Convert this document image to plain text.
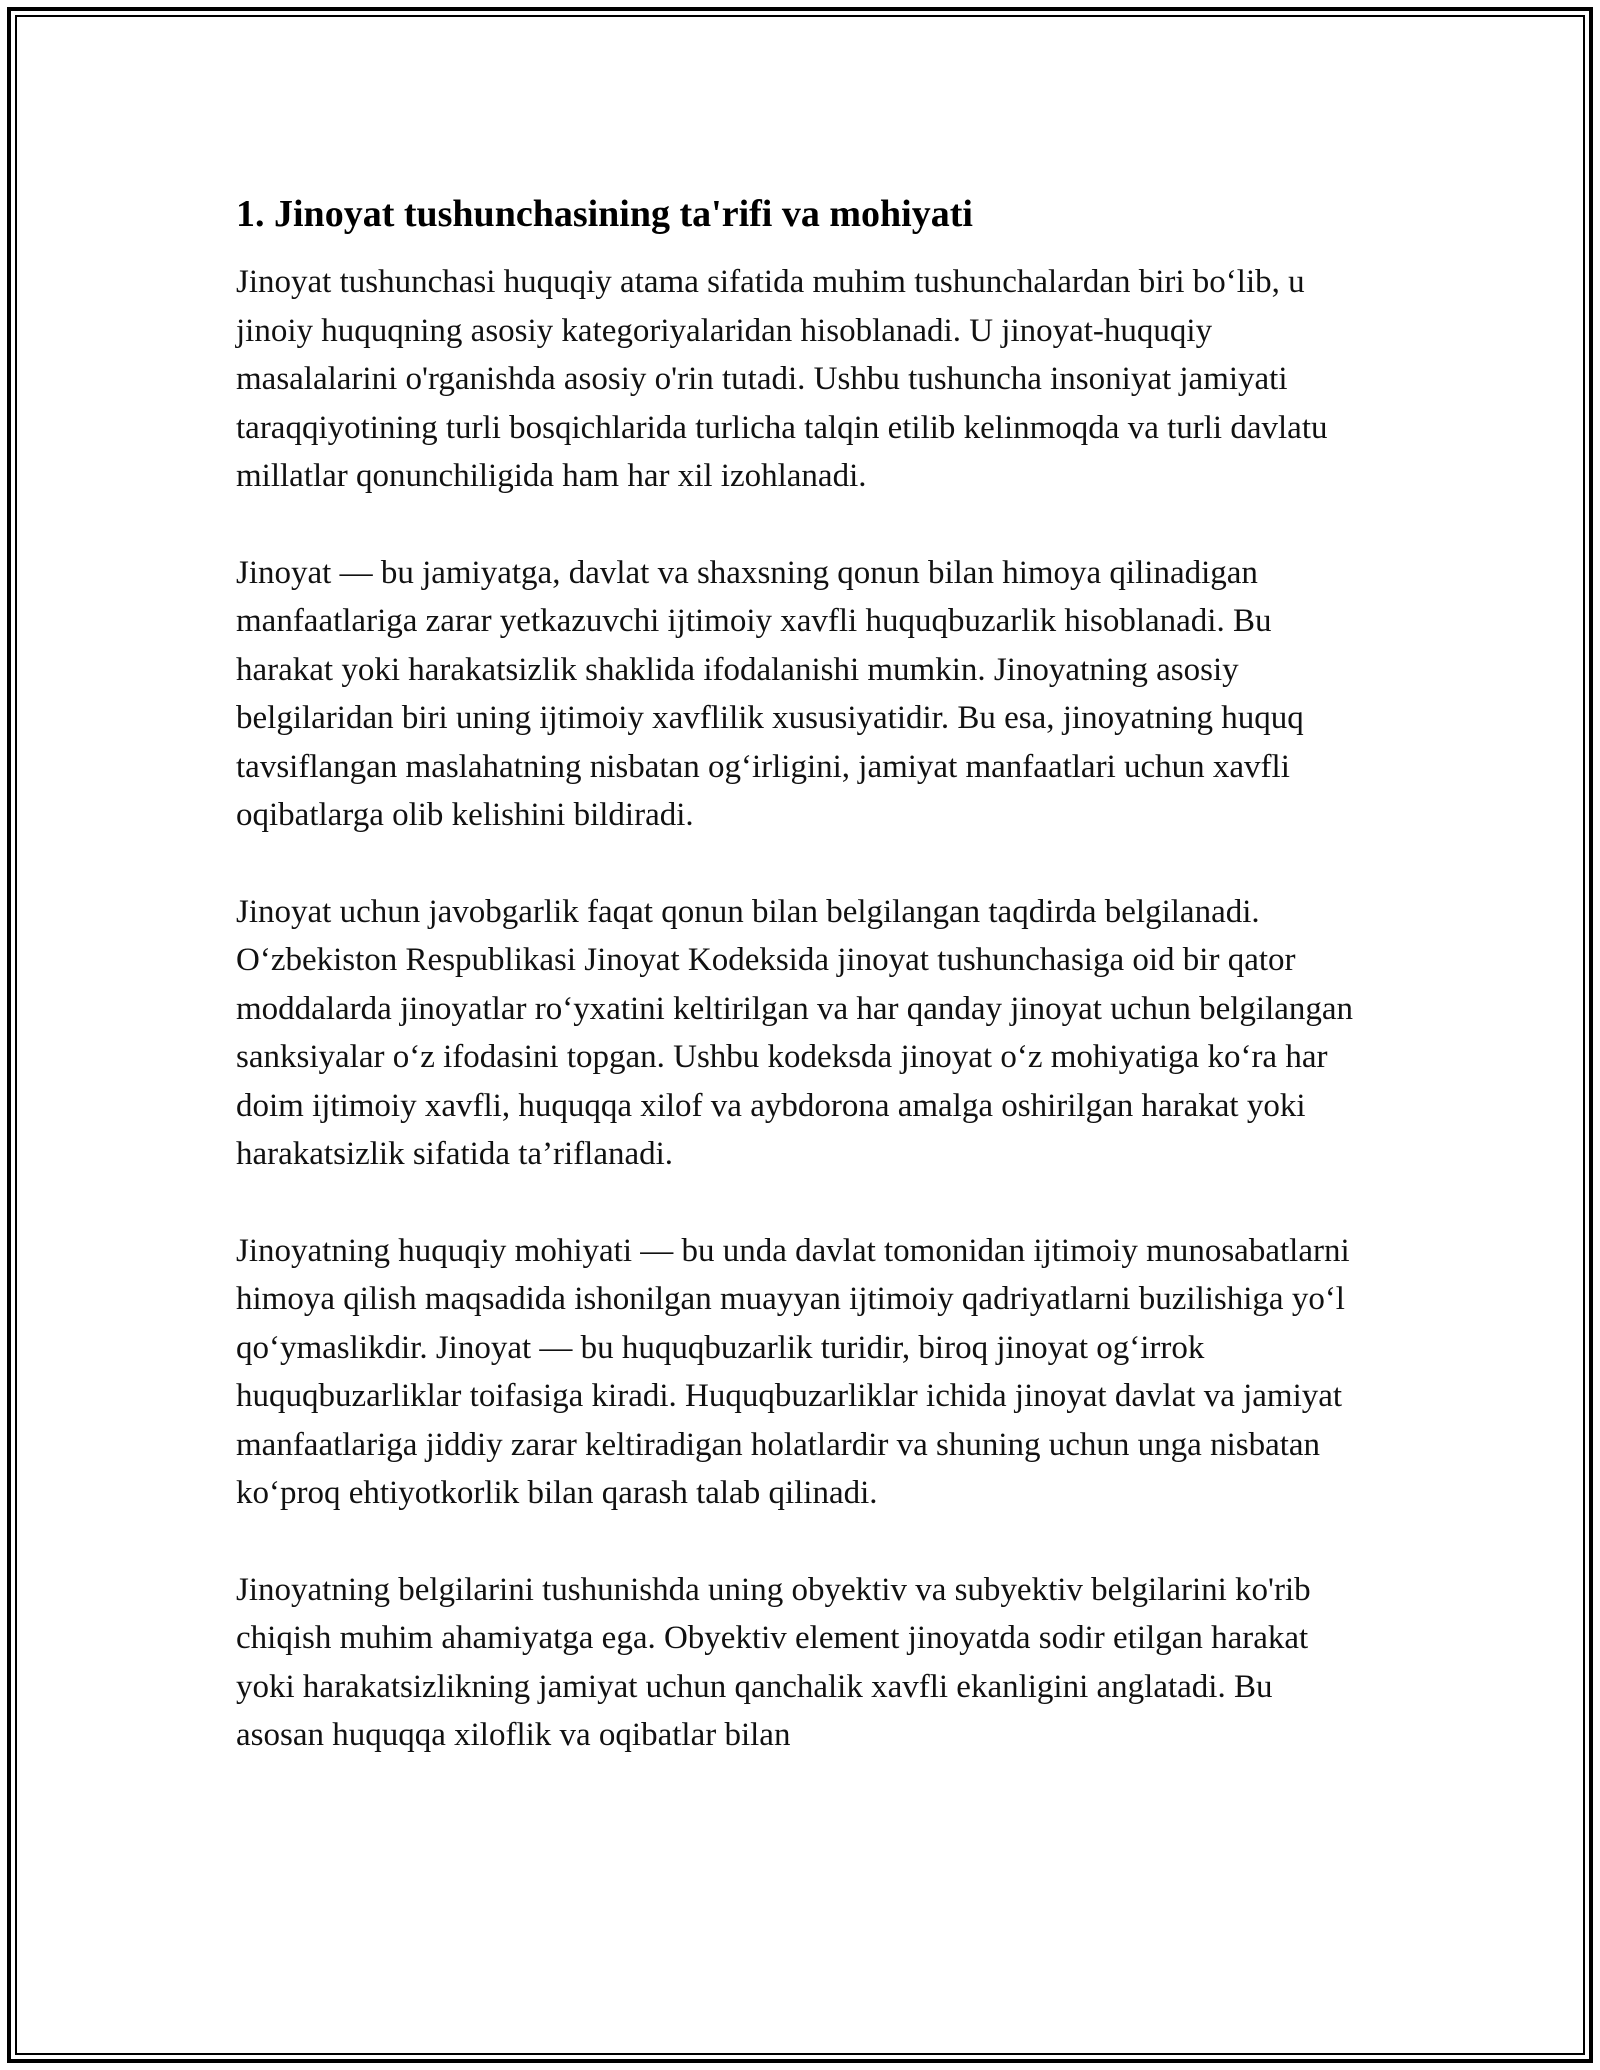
1. Jinoyat tushunchasining ta'rifi va mohiyati

Jinoyat tushunchasi huquqiy atama sifatida muhim tushunchalardan biri bo‘lib, u jinoiy huquqning asosiy kategoriyalaridan hisoblanadi. U jinoyat-huquqiy masalalarini o'rganishda asosiy o'rin tutadi. Ushbu tushuncha insoniyat jamiyati taraqqiyotining turli bosqichlarida turlicha talqin etilib kelinmoqda va turli davlatu millatlar qonunchiligida ham har xil izohlanadi.

Jinoyat — bu jamiyatga, davlat va shaxsning qonun bilan himoya qilinadigan manfaatlariga zarar yetkazuvchi ijtimoiy xavfli huquqbuzarlik hisoblanadi. Bu harakat yoki harakatsizlik shaklida ifodalanishi mumkin. Jinoyatning asosiy belgilaridan biri uning ijtimoiy xavflilik xususiyatidir. Bu esa, jinoyatning huquq tavsiflangan maslahatning nisbatan og‘irligini, jamiyat manfaatlari uchun xavfli oqibatlarga olib kelishini bildiradi.

Jinoyat uchun javobgarlik faqat qonun bilan belgilangan taqdirda belgilanadi. O‘zbekiston Respublikasi Jinoyat Kodeksida jinoyat tushunchasiga oid bir qator moddalarda jinoyatlar ro‘yxatini keltirilgan va har qanday jinoyat uchun belgilangan sanksiyalar o‘z ifodasini topgan. Ushbu kodeksda jinoyat o‘z mohiyatiga ko‘ra har doim ijtimoiy xavfli, huquqqa xilof va aybdorona amalga oshirilgan harakat yoki harakatsizlik sifatida ta’riflanadi.

Jinoyatning huquqiy mohiyati — bu unda davlat tomonidan ijtimoiy munosabatlarni himoya qilish maqsadida ishonilgan muayyan ijtimoiy qadriyatlarni buzilishiga yo‘l qo‘ymaslikdir. Jinoyat — bu huquqbuzarlik turidir, biroq jinoyat og‘irrok huquqbuzarliklar toifasiga kiradi. Huquqbuzarliklar ichida jinoyat davlat va jamiyat manfaatlariga jiddiy zarar keltiradigan holatlardir va shuning uchun unga nisbatan ko‘proq ehtiyotkorlik bilan qarash talab qilinadi.

Jinoyatning belgilarini tushunishda uning obyektiv va subyektiv belgilarini ko'rib chiqish muhim ahamiyatga ega. Obyektiv element jinoyatda sodir etilgan harakat yoki harakatsizlikning jamiyat uchun qanchalik xavfli ekanligini anglatadi. Bu asosan huquqqa xiloflik va oqibatlar bilan
